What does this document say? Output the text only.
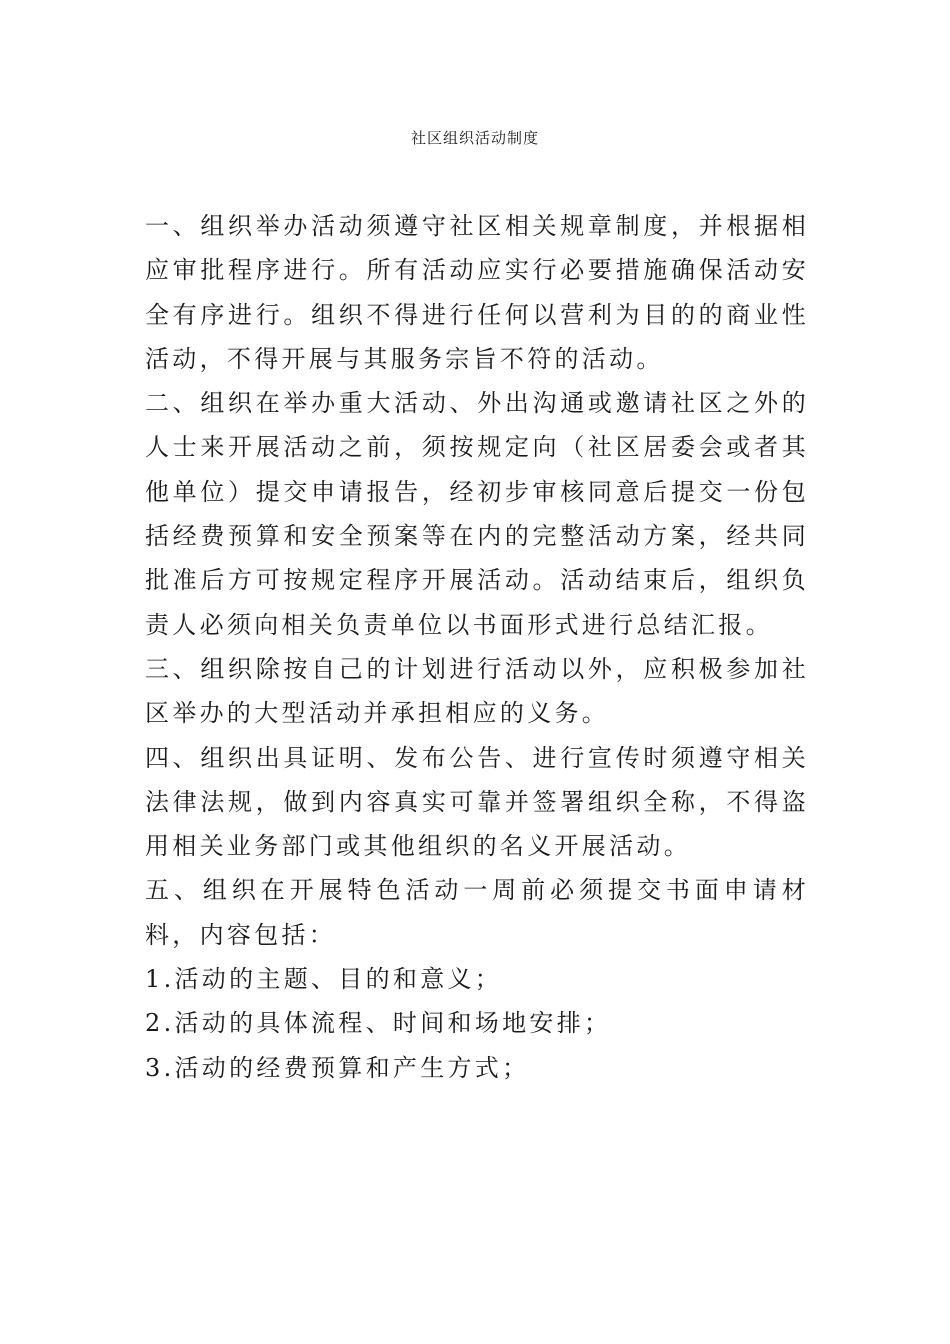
社区组织活动制度

一、组织举办活动须遵守社区相关规章制度，并根据相应审批程序进行。所有活动应实行必要措施确保活动安全有序进行。组织不得进行任何以营利为目的的商业性活动，不得开展与其服务宗旨不符的活动。

二、组织在举办重大活动、外出沟通或邀请社区之外的人士来开展活动之前，须按规定向（社区居委会或者其他单位）提交申请报告，经初步审核同意后提交一份包括经费预算和安全预案等在内的完整活动方案，经共同批准后方可按规定程序开展活动。活动结束后，组织负责人必须向相关负责单位以书面形式进行总结汇报。

三、组织除按自己的计划进行活动以外，应积极参加社区举办的大型活动并承担相应的义务。

四、组织出具证明、发布公告、进行宣传时须遵守相关法律法规，做到内容真实可靠并签署组织全称，不得盗用相关业务部门或其他组织的名义开展活动。

五、组织在开展特色活动一周前必须提交书面申请材料，内容包括：

1.活动的主题、目的和意义；

2.活动的具体流程、时间和场地安排；

3.活动的经费预算和产生方式；
